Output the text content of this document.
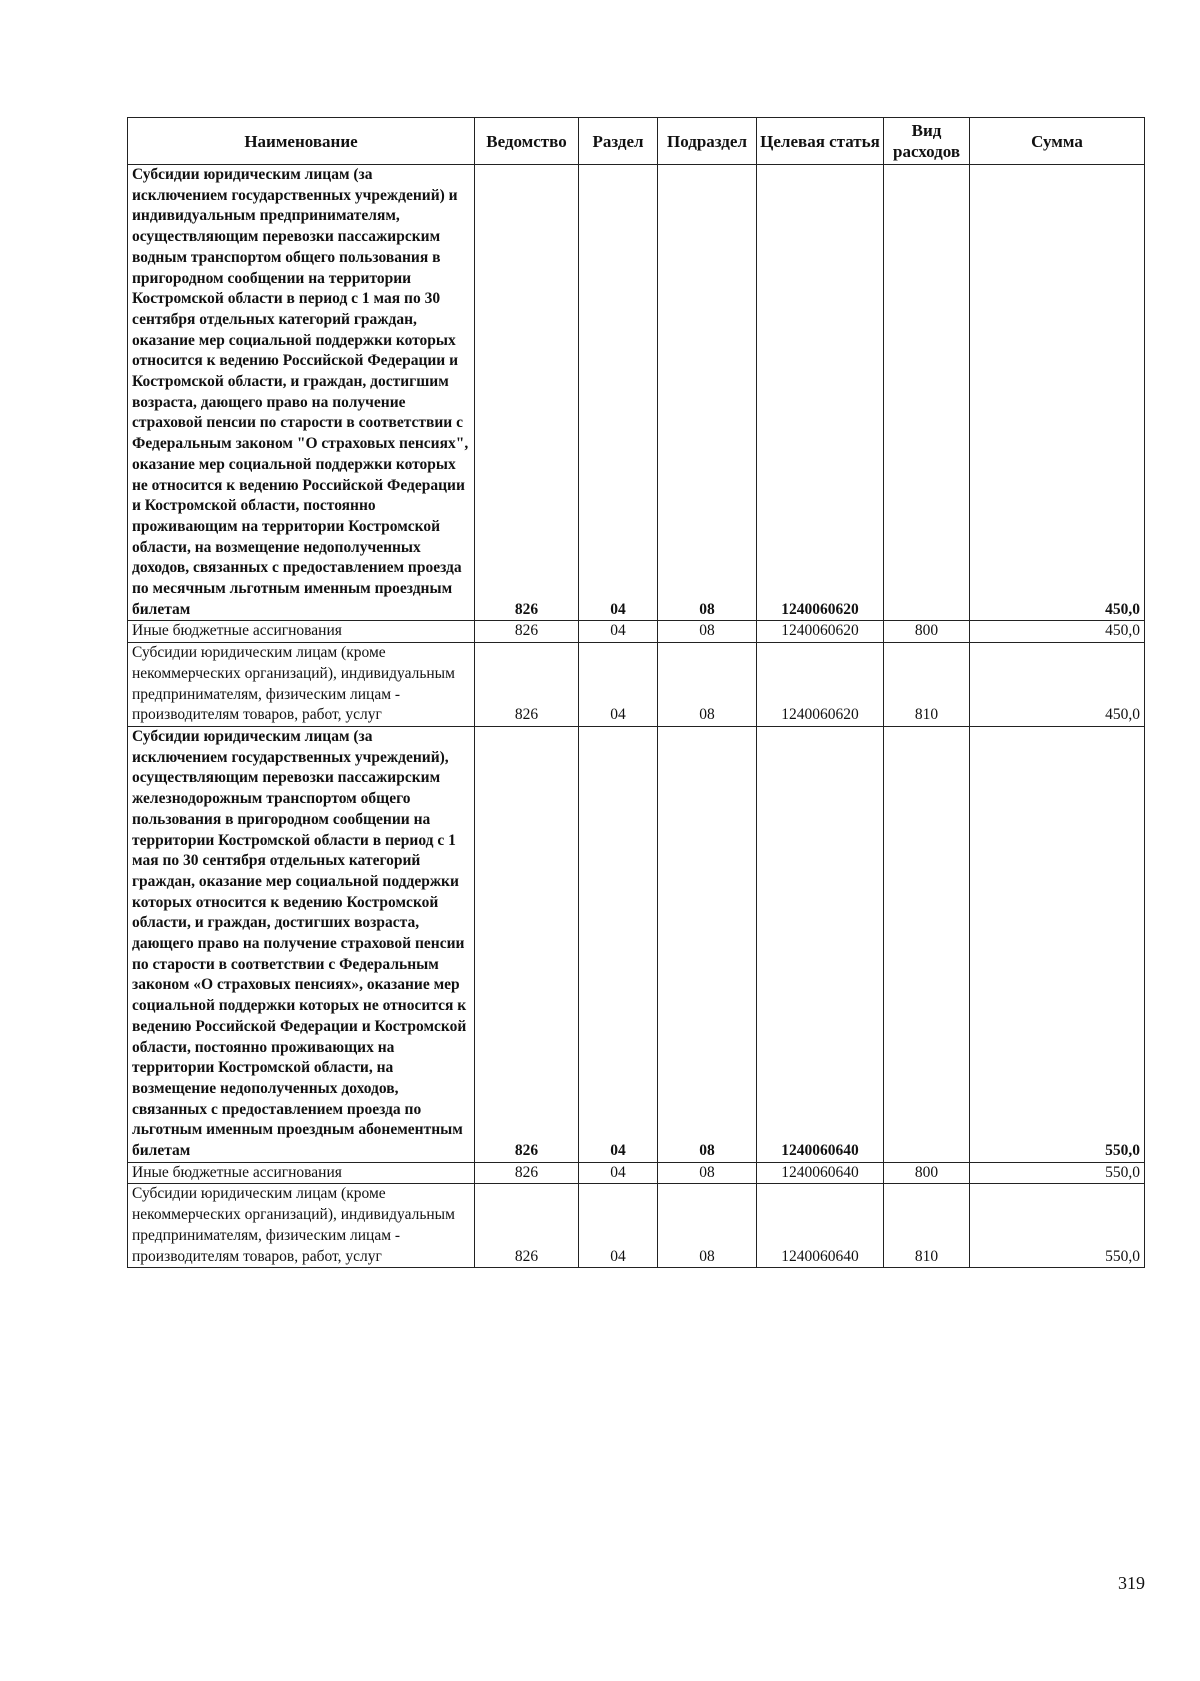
Наименование	Ведомство	Раздел	Подраздел	Целевая статья	Вид расходов	Сумма
Субсидии юридическим лицам (за исключением государственных учреждений) и индивидуальным предпринимателям, осуществляющим перевозки пассажирским водным транспортом общего пользования в пригородном сообщении на территории Костромской области в период с 1 мая по 30 сентября отдельных категорий граждан, оказание мер социальной поддержки которых относится к ведению Российской Федерации и Костромской области, и граждан, достигшим возраста, дающего право на получение страховой пенсии по старости в соответствии с Федеральным законом "О страховых пенсиях", оказание мер социальной поддержки которых не относится к ведению Российской Федерации и Костромской области, постоянно проживающим на территории Костромской области, на возмещение недополученных доходов, связанных с предоставлением проезда по месячным льготным именным проездным билетам	826	04	08	1240060620		450,0
Иные бюджетные ассигнования	826	04	08	1240060620	800	450,0
Субсидии юридическим лицам (кроме некоммерческих организаций), индивидуальным предпринимателям, физическим лицам - производителям товаров, работ, услуг	826	04	08	1240060620	810	450,0
Субсидии юридическим лицам (за исключением государственных учреждений), осуществляющим перевозки пассажирским железнодорожным транспортом общего пользования в пригородном сообщении на территории Костромской области в период с 1 мая по 30 сентября отдельных категорий граждан, оказание мер социальной поддержки которых относится к ведению Костромской области, и граждан, достигших возраста, дающего право на получение страховой пенсии по старости в соответствии с Федеральным законом «О страховых пенсиях», оказание мер социальной поддержки которых не относится к ведению Российской Федерации и Костромской области, постоянно проживающих на территории Костромской области, на возмещение недополученных доходов, связанных с предоставлением проезда по льготным именным проездным абонементным билетам	826	04	08	1240060640		550,0
Иные бюджетные ассигнования	826	04	08	1240060640	800	550,0
Субсидии юридическим лицам (кроме некоммерческих организаций), индивидуальным предпринимателям, физическим лицам - производителям товаров, работ, услуг	826	04	08	1240060640	810	550,0
319
